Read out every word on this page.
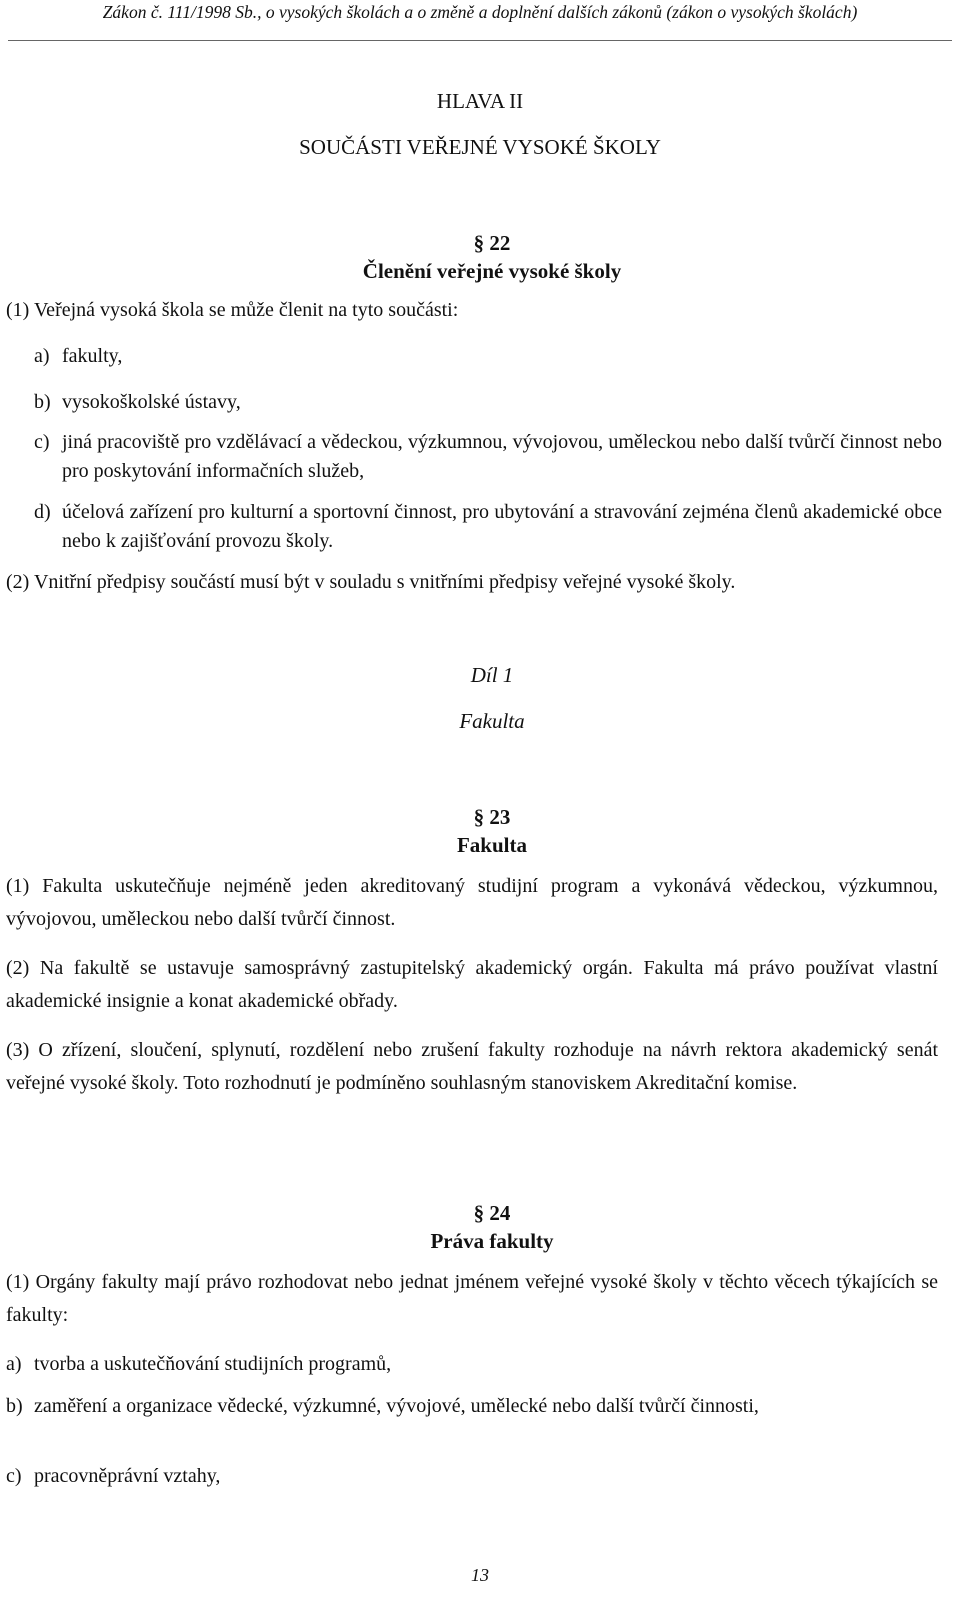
Zákon č. 111/1998 Sb., o vysokých školách a o změně a doplnění dalších zákonů (zákon o vysokých školách)
HLAVA II
SOUČÁSTI VEŘEJNÉ VYSOKÉ ŠKOLY
§ 22
Členění veřejné vysoké školy
(1) Veřejná vysoká škola se může členit na tyto součásti:
a) fakulty,
b) vysokoškolské ústavy,
c) jiná pracoviště pro vzdělávací a vědeckou, výzkumnou, vývojovou, uměleckou nebo další tvůrčí činnost nebo pro poskytování informačních služeb,
d) účelová zařízení pro kulturní a sportovní činnost, pro ubytování a stravování zejména členů akademické obce nebo k zajišťování provozu školy.
(2) Vnitřní předpisy součástí musí být v souladu s vnitřními předpisy veřejné vysoké školy.
Díl 1
Fakulta
§ 23
Fakulta
(1) Fakulta uskutečňuje nejméně jeden akreditovaný studijní program a vykonává vědeckou, výzkumnou, vývojovou, uměleckou nebo další tvůrčí činnost.
(2) Na fakultě se ustavuje samosprávný zastupitelský akademický orgán. Fakulta má právo používat vlastní akademické insignie a konat akademické obřady.
(3) O zřízení, sloučení, splynutí, rozdělení nebo zrušení fakulty rozhoduje na návrh rektora akademický senát veřejné vysoké školy. Toto rozhodnutí je podmíněno souhlasným stanoviskem Akreditační komise.
§ 24
Práva fakulty
(1) Orgány fakulty mají právo rozhodovat nebo jednat jménem veřejné vysoké školy v těchto věcech týkajících se fakulty:
a) tvorba a uskutečňování studijních programů,
b) zaměření a organizace vědecké, výzkumné, vývojové, umělecké nebo další tvůrčí činnosti,
c) pracovněprávní vztahy,
13
